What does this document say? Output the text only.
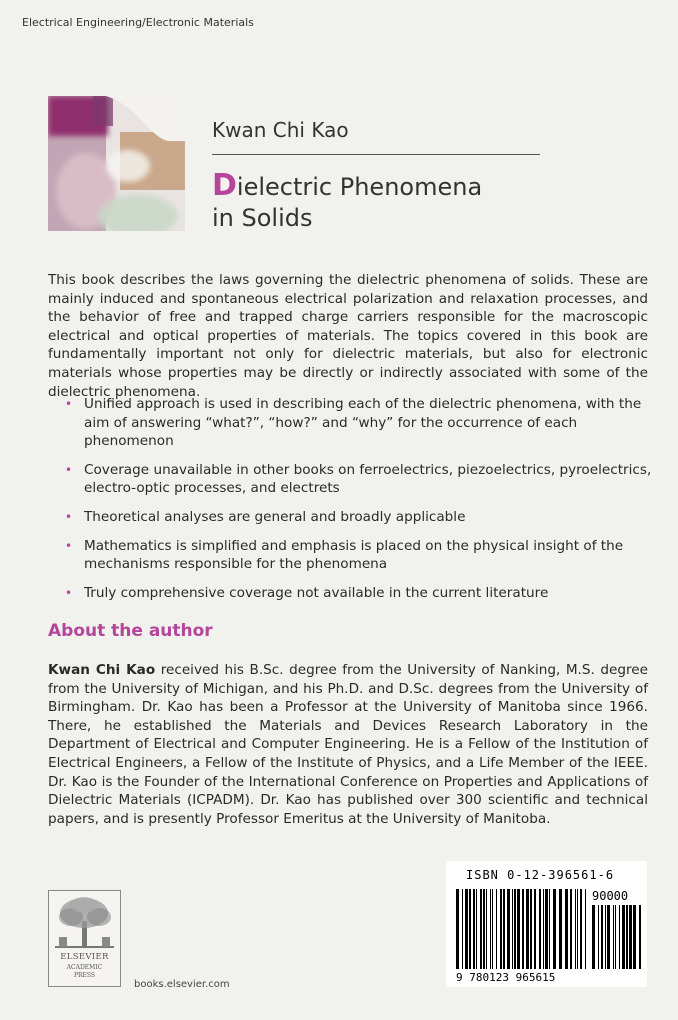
Electrical Engineering/Electronic Materials
Kwan Chi Kao
Dielectric Phenomena
in Solids

This book describes the laws governing the dielectric phenomena of solids. These are mainly induced and spontaneous electrical polarization and relaxation processes, and the behavior of free and trapped charge carriers responsible for the macroscopic electrical and optical properties of materials. The topics covered in this book are fundamentally important not only for dielectric materials, but also for electronic materials whose properties may be directly or indirectly associated with some of the dielectric phenomena.

• Unified approach is used in describing each of the dielectric phenomena, with the aim of answering “what?”, “how?” and “why” for the occurrence of each phenomenon
• Coverage unavailable in other books on ferroelectrics, piezoelectrics, pyroelectrics, electro-optic processes, and electrets
• Theoretical analyses are general and broadly applicable
• Mathematics is simplified and emphasis is placed on the physical insight of the mechanisms responsible for the phenomena
• Truly comprehensive coverage not available in the current literature
About the author

Kwan Chi Kao received his B.Sc. degree from the University of Nanking, M.S. degree from the University of Michigan, and his Ph.D. and D.Sc. degrees from the University of Birmingham. Dr. Kao has been a Professor at the University of Manitoba since 1966. There, he established the Materials and Devices Research Laboratory in the Department of Electrical and Computer Engineering. He is a Fellow of the Institution of Electrical Engineers, a Fellow of the Institute of Physics, and a Life Member of the IEEE. Dr. Kao is the Founder of the International Conference on Properties and Applications of Dielectric Materials (ICPADM). Dr. Kao has published over 300 scientific and technical papers, and is presently Professor Emeritus at the University of Manitoba.

ELSEVIER
ACADEMIC
PRESS
books.elsevier.com
ISBN 0-12-396561-6
90000
9 780123 965615
